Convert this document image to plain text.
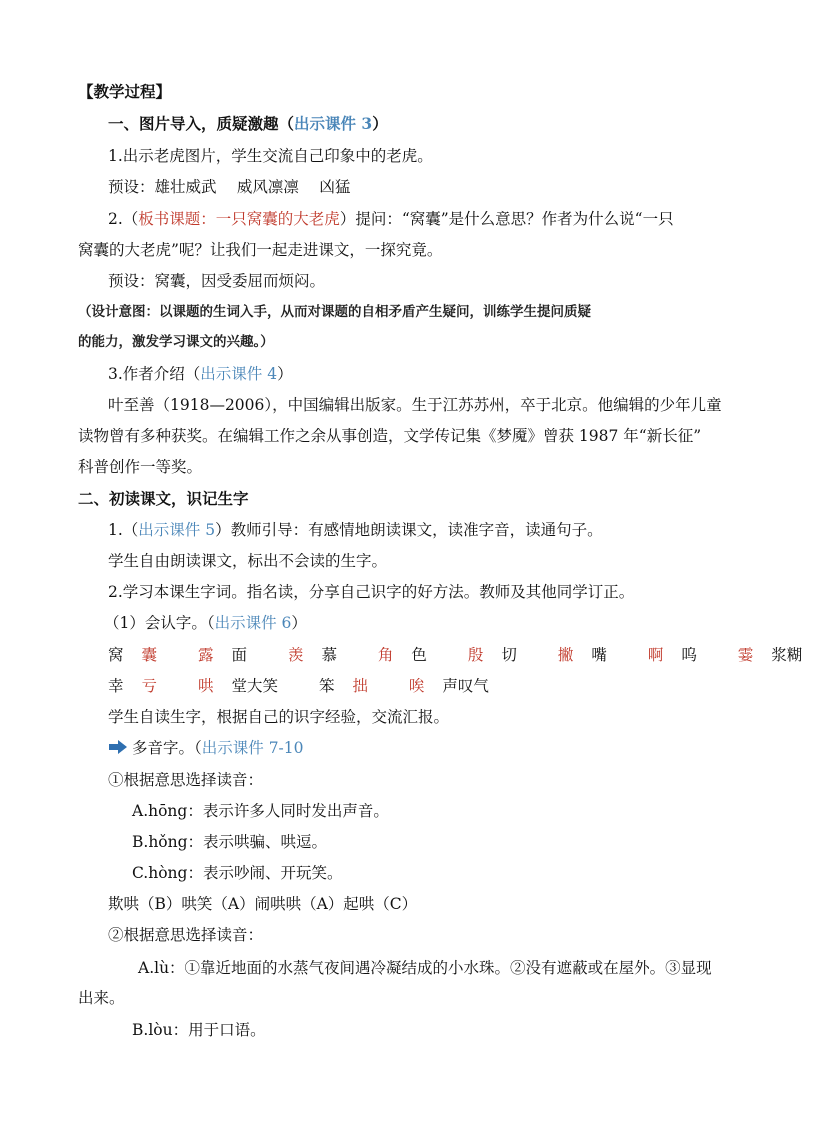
【教学过程】
一、图片导入，质疑激趣（出示课件 3）
1.出示老虎图片，学生交流自己印象中的老虎。
预设：雄壮威武　 威风凛凛　 凶猛
2.（板书课题：一只窝囊的大老虎）提问：“窝囊”是什么意思？作者为什么说“一只
窝囊的大老虎”呢？让我们一起走进课文，一探究竟。
预设：窝囊，因受委屈而烦闷。
（设计意图：以课题的生词入手，从而对课题的自相矛盾产生疑问，训练学生提问质疑
的能力，激发学习课文的兴趣。）
3.作者介绍（出示课件 4）
叶至善（1918—2006），中国编辑出版家。生于江苏苏州，卒于北京。他编辑的少年儿童
读物曾有多种获奖。在编辑工作之余从事创造，文学传记集《梦魇》曾获 1987 年“新长征”
科普创作一等奖。
二、初读课文，识记生字
1.（出示课件 5）教师引导：有感情地朗读课文，读准字音，读通句子。
学生自由朗读课文，标出不会读的生字。
2.学习本课生字词。指名读，分享自己识字的好方法。教师及其他同学订正。
（1）会认字。（出示课件 6）
窝 囊	露 面	羡 慕	角 色	殷 切	撇 嘴	啊 呜	霎 浆糊
幸 亏	哄 堂大笑	笨 拙	唉 声叹气
学生自读生字，根据自己的识字经验，交流汇报。
多音字。（出示课件 7-10
①根据意思选择读音：
A.hōng：表示许多人同时发出声音。
B.hǒng：表示哄骗、哄逗。
C.hòng：表示吵闹、开玩笑。
欺哄（B）哄笑（A）闹哄哄（A）起哄（C）
②根据意思选择读音：
A.lù：①靠近地面的水蒸气夜间遇冷凝结成的小水珠。②没有遮蔽或在屋外。③显现
出来。
B.lòu：用于口语。
